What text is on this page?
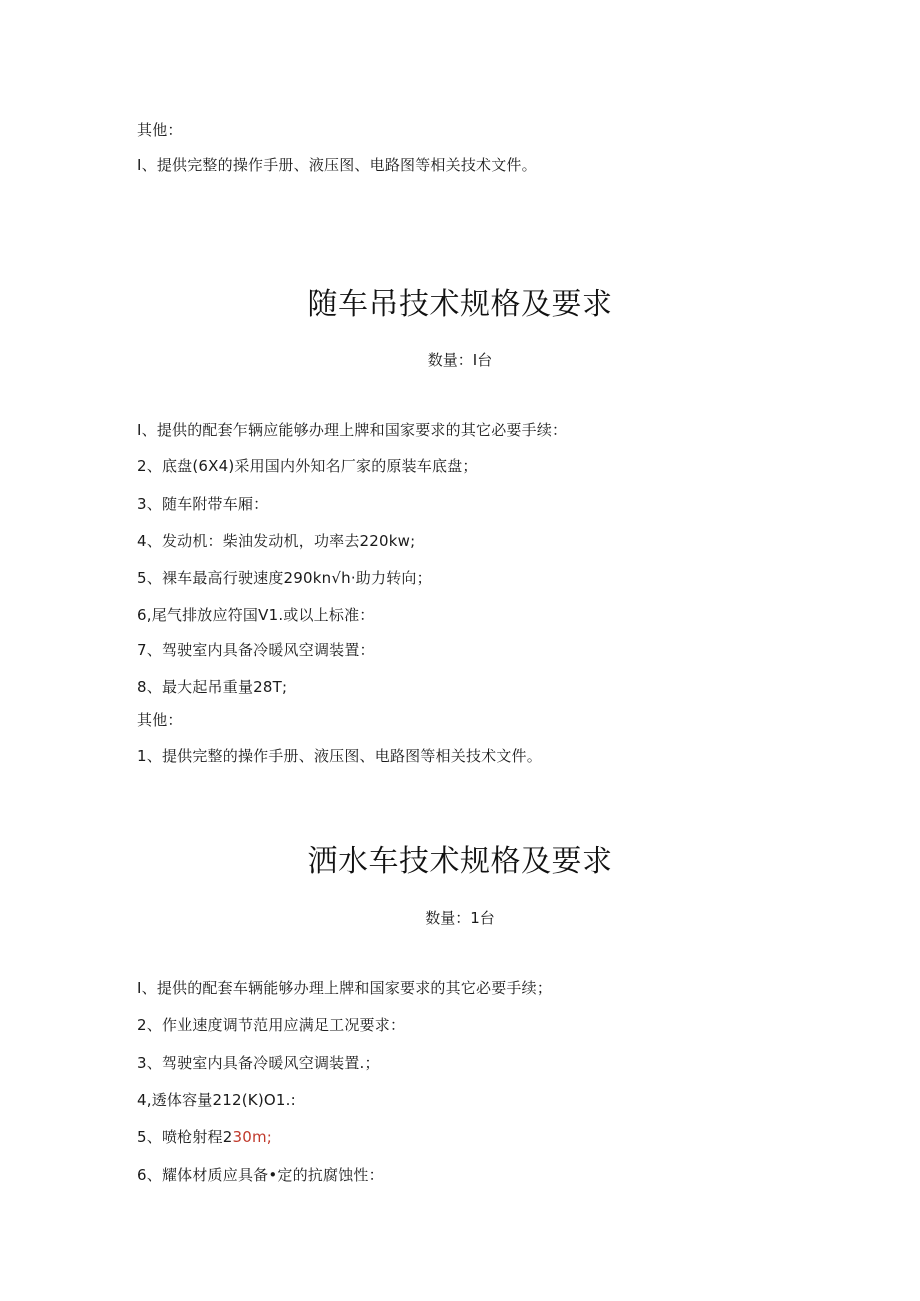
其他：
I、提供完整的操作手册、液压图、电路图等相关技术文件。
随车吊技术规格及要求
数量：I台
I、提供的配套乍辆应能够办理上牌和国家要求的其它必要手续：
2、底盘(6X4)采用国内外知名厂家的原装车底盘；
3、随车附带车厢：
4、发动机：柴油发动机，功率去220kw;
5、裸车最高行驶速度290kn√h·助力转向；
6,尾气排放应符国V1.或以上标准：
7、驾驶室内具备冷暖风空调装置：
8、最大起吊重量28T;
其他：
1、提供完整的操作手册、液压图、电路图等相关技术文件。
洒水车技术规格及要求
数量：1台
I、提供的配套车辆能够办理上牌和国家要求的其它必要手续；
2、作业速度调节范用应满足工况要求：
3、驾驶室内具备冷暖风空调装置.；
4,透体容量212(K)O1.:
5、喷枪射程230m;
6、耀体材质应具备•定的抗腐蚀性：
